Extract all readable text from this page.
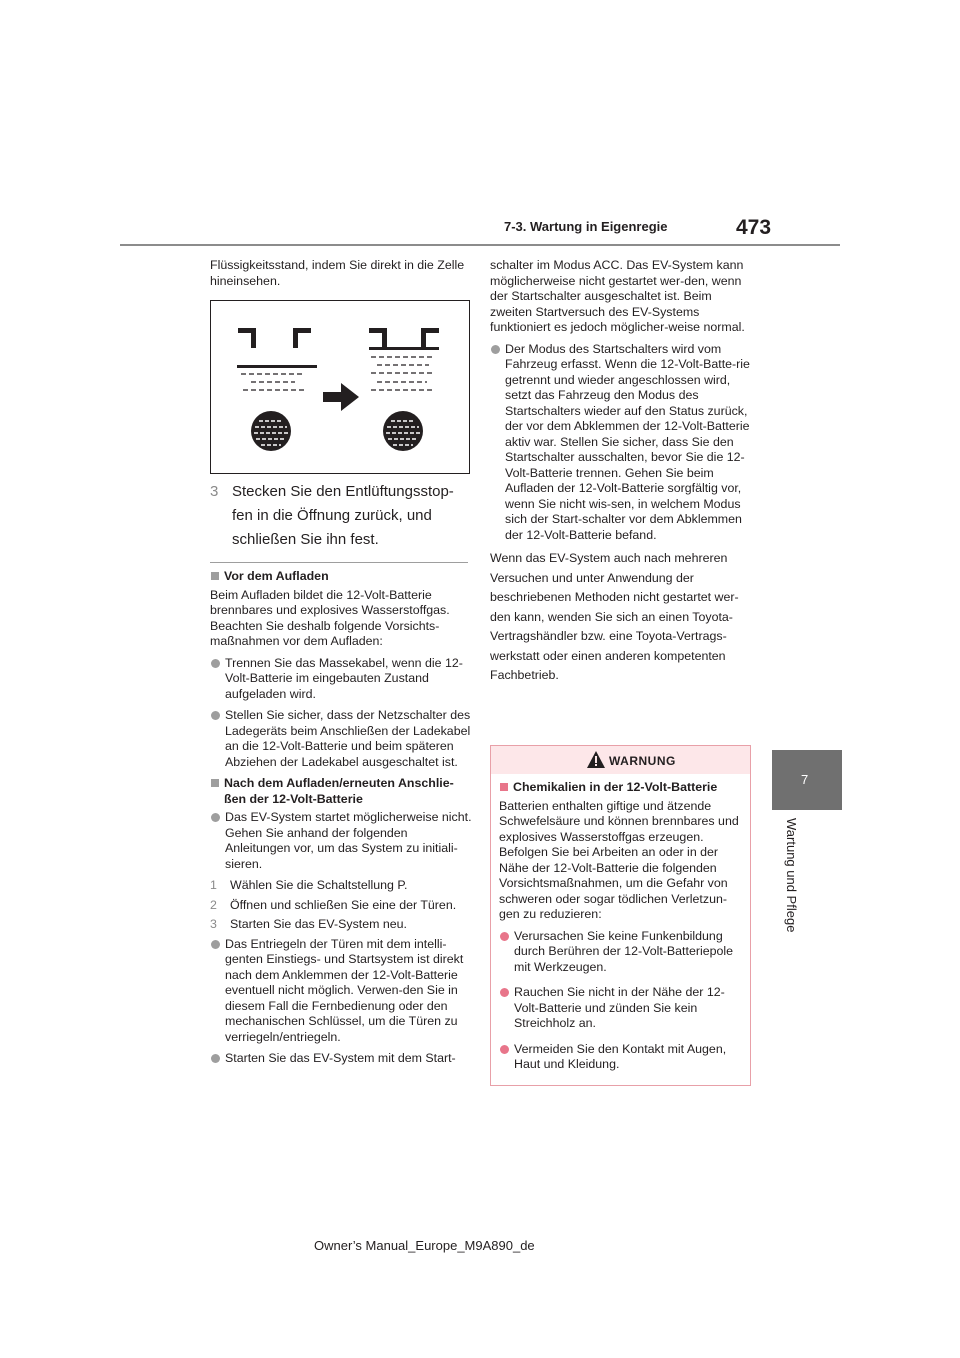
7-3. Wartung in Eigenregie	473
7
Wartung und Pflege

Flüssigkeitsstand, indem Sie direkt in die Zelle hineinsehen.

3 Stecken Sie den Entlüftungsstop-
fen in die Öffnung zurück, und
schließen Sie ihn fest.
Vor dem Aufladen

Beim Aufladen bildet die 12-Volt-Batterie brennbares und explosives Wasserstoffgas. Beachten Sie deshalb folgende Vorsichts-maßnahmen vor dem Aufladen:

Trennen Sie das Massekabel, wenn die 12-Volt-Batterie im eingebauten Zustand aufgeladen wird.
Stellen Sie sicher, dass der Netzschalter des Ladegeräts beim Anschließen der Ladekabel an die 12-Volt-Batterie und beim späteren Abziehen der Ladekabel ausgeschaltet ist.
Nach dem Aufladen/erneuten Anschlie-ßen der 12-Volt-Batterie
Das EV-System startet möglicherweise nicht. Gehen Sie anhand der folgenden Anleitungen vor, um das System zu initiali-sieren.
1	Wählen Sie die Schaltstellung P.
2	Öffnen und schließen Sie eine der Türen.
3	Starten Sie das EV-System neu.
Das Entriegeln der Türen mit dem intelli-genten Einstiegs- und Startsystem ist direkt nach dem Anklemmen der 12-Volt-Batterie eventuell nicht möglich. Verwen-den Sie in diesem Fall die Fernbedienung oder den mechanischen Schlüssel, um die Türen zu verriegeln/entriegeln.
Starten Sie das EV-System mit dem Start-

schalter im Modus ACC. Das EV-System kann möglicherweise nicht gestartet wer-den, wenn der Startschalter ausgeschaltet ist. Beim zweiten Startversuch des EV-Systems funktioniert es jedoch möglicher-weise normal.

Der Modus des Startschalters wird vom Fahrzeug erfasst. Wenn die 12-Volt-Batte-rie getrennt und wieder angeschlossen wird, setzt das Fahrzeug den Modus des Startschalters wieder auf den Status zurück, der vor dem Abklemmen der 12-Volt-Batterie aktiv war. Stellen Sie sicher, dass Sie den Startschalter ausschalten, bevor Sie die 12-Volt-Batterie trennen. Gehen Sie beim Aufladen der 12-Volt-Batterie sorgfältig vor, wenn Sie nicht wis-sen, in welchem Modus sich der Start-schalter vor dem Abklemmen der 12-Volt-Batterie befand.
Wenn das EV-System auch nach mehreren
Versuchen und unter Anwendung der
beschriebenen Methoden nicht gestartet wer-
den kann, wenden Sie sich an einen Toyota-
Vertragshändler bzw. eine Toyota-Vertrags-
werkstatt oder einen anderen kompetenten
Fachbetrieb.
WARNUNG
Chemikalien in der 12-Volt-Batterie

Batterien enthalten giftige und ätzende Schwefelsäure und können brennbares und explosives Wasserstoffgas erzeugen. Befolgen Sie bei Arbeiten an oder in der Nähe der 12-Volt-Batterie die folgenden Vorsichtsmaßnahmen, um die Gefahr von schweren oder sogar tödlichen Verletzun-gen zu reduzieren:

Verursachen Sie keine Funkenbildung durch Berühren der 12-Volt-Batteriepole mit Werkzeugen.
Rauchen Sie nicht in der Nähe der 12-Volt-Batterie und zünden Sie kein Streichholz an.
Vermeiden Sie den Kontakt mit Augen, Haut und Kleidung.
Owner’s Manual_Europe_M9A890_de
